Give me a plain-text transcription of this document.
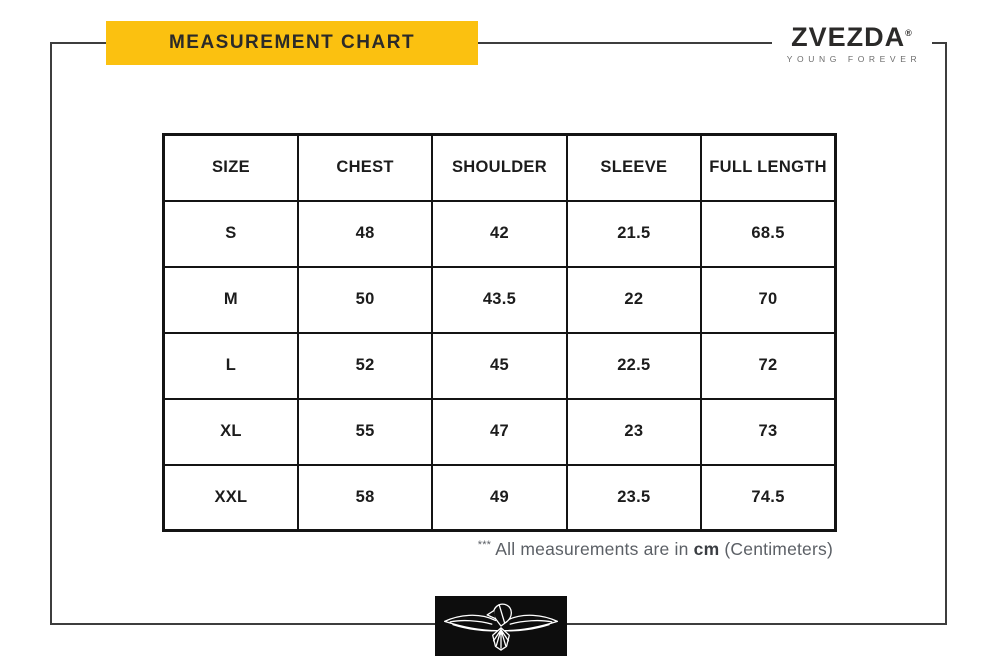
MEASUREMENT CHART	ZVEZDA®
YOUNG FOREVER
SIZE	CHEST	SHOULDER	SLEEVE	FULL LENGTH
S	48	42	21.5	68.5
M	50	43.5	22	70
L	52	45	22.5	72
XL	55	47	23	73
XXL	58	49	23.5	74.5
*** All measurements are in cm (Centimeters)
